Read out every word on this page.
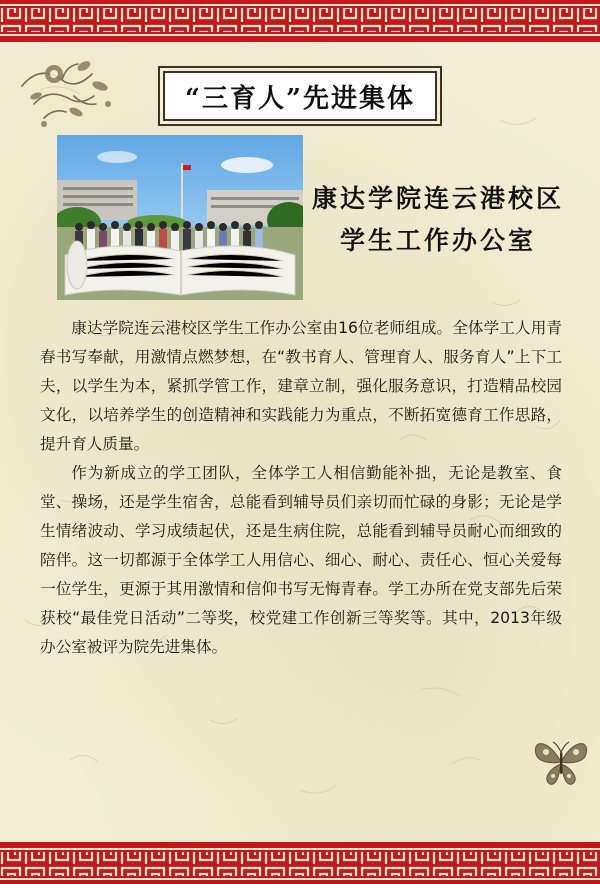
“三育人”先进集体
康达学院连云港校区
学生工作办公室

康达学院连云港校区学生工作办公室由16位老师组成。全体学工人用青春书写奉献，用激情点燃梦想，在“教书育人、管理育人、服务育人”上下工夫，以学生为本，紧抓学管工作，建章立制，强化服务意识，打造精品校园文化，以培养学生的创造精神和实践能力为重点，不断拓宽德育工作思路，提升育人质量。

作为新成立的学工团队，全体学工人相信勤能补拙，无论是教室、食堂、操场，还是学生宿舍，总能看到辅导员们亲切而忙碌的身影；无论是学生情绪波动、学习成绩起伏，还是生病住院，总能看到辅导员耐心而细致的陪伴。这一切都源于全体学工人用信心、细心、耐心、责任心、恒心关爱每一位学生，更源于其用激情和信仰书写无悔青春。学工办所在党支部先后荣获校“最佳党日活动”二等奖，校党建工作创新三等奖等。其中，2013年级办公室被评为院先进集体。
